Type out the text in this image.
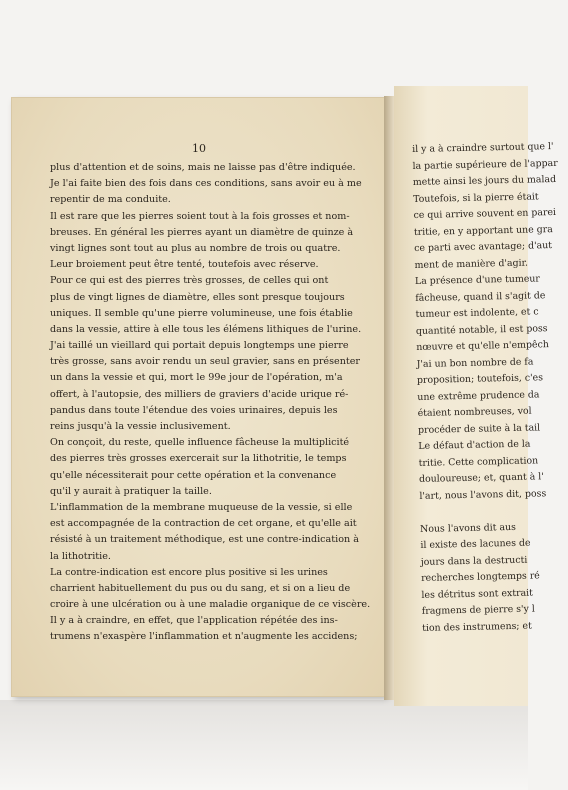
10
plus d'attention et de soins, mais ne laisse pas d'être indiquée.
Je l'ai faite bien des fois dans ces conditions, sans avoir eu à me
repentir de ma conduite.
Il est rare que les pierres soient tout à la fois grosses et nom-
breuses. En général les pierres ayant un diamètre de quinze à
vingt lignes sont tout au plus au nombre de trois ou quatre.
Leur broiement peut être tenté, toutefois avec réserve.
Pour ce qui est des pierres très grosses, de celles qui ont
plus de vingt lignes de diamètre, elles sont presque toujours
uniques. Il semble qu'une pierre volumineuse, une fois établie
dans la vessie, attire à elle tous les élémens lithiques de l'urine.
J'ai taillé un vieillard qui portait depuis longtemps une pierre
très grosse, sans avoir rendu un seul gravier, sans en présenter
un dans la vessie et qui, mort le 99e jour de l'opération, m'a
offert, à l'autopsie, des milliers de graviers d'acide urique ré-
pandus dans toute l'étendue des voies urinaires, depuis les
reins jusqu'à la vessie inclusivement.
On conçoit, du reste, quelle influence fâcheuse la multiplicité
des pierres très grosses exercerait sur la lithotritie, le temps
qu'elle nécessiterait pour cette opération et la convenance
qu'il y aurait à pratiquer la taille.
L'inflammation de la membrane muqueuse de la vessie, si elle
est accompagnée de la contraction de cet organe, et qu'elle ait
résisté à un traitement méthodique, est une contre-indication à
la lithotritie.
La contre-indication est encore plus positive si les urines
charrient habituellement du pus ou du sang, et si on a lieu de
croire à une ulcération ou à une maladie organique de ce viscère.
Il y a à craindre, en effet, que l'application répétée des ins-
trumens n'exaspère l'inflammation et n'augmente les accidens;
il y a à craindre surtout que l'
la partie supérieure de l'appar
mette ainsi les jours du malad
Toutefois, si la pierre était
ce qui arrive souvent en parei
tritie, en y apportant une gra
ce parti avec avantage; d'aut
ment de manière d'agir.
La présence d'une tumeur
fâcheuse, quand il s'agit de
tumeur est indolente, et c
quantité notable, il est poss
nœuvre et qu'elle n'empêch
J'ai un bon nombre de fa
proposition; toutefois, c'es
une extrême prudence da
étaient nombreuses, vol
procéder de suite à la tail
Le défaut d'action de la
tritie. Cette complication
douloureuse; et, quant à l'
l'art, nous l'avons dit, poss
Nous l'avons dit aus
il existe des lacunes de
jours dans la destructi
recherches longtemps ré
les détritus sont extrait
fragmens de pierre s'y l
tion des instrumens; et
